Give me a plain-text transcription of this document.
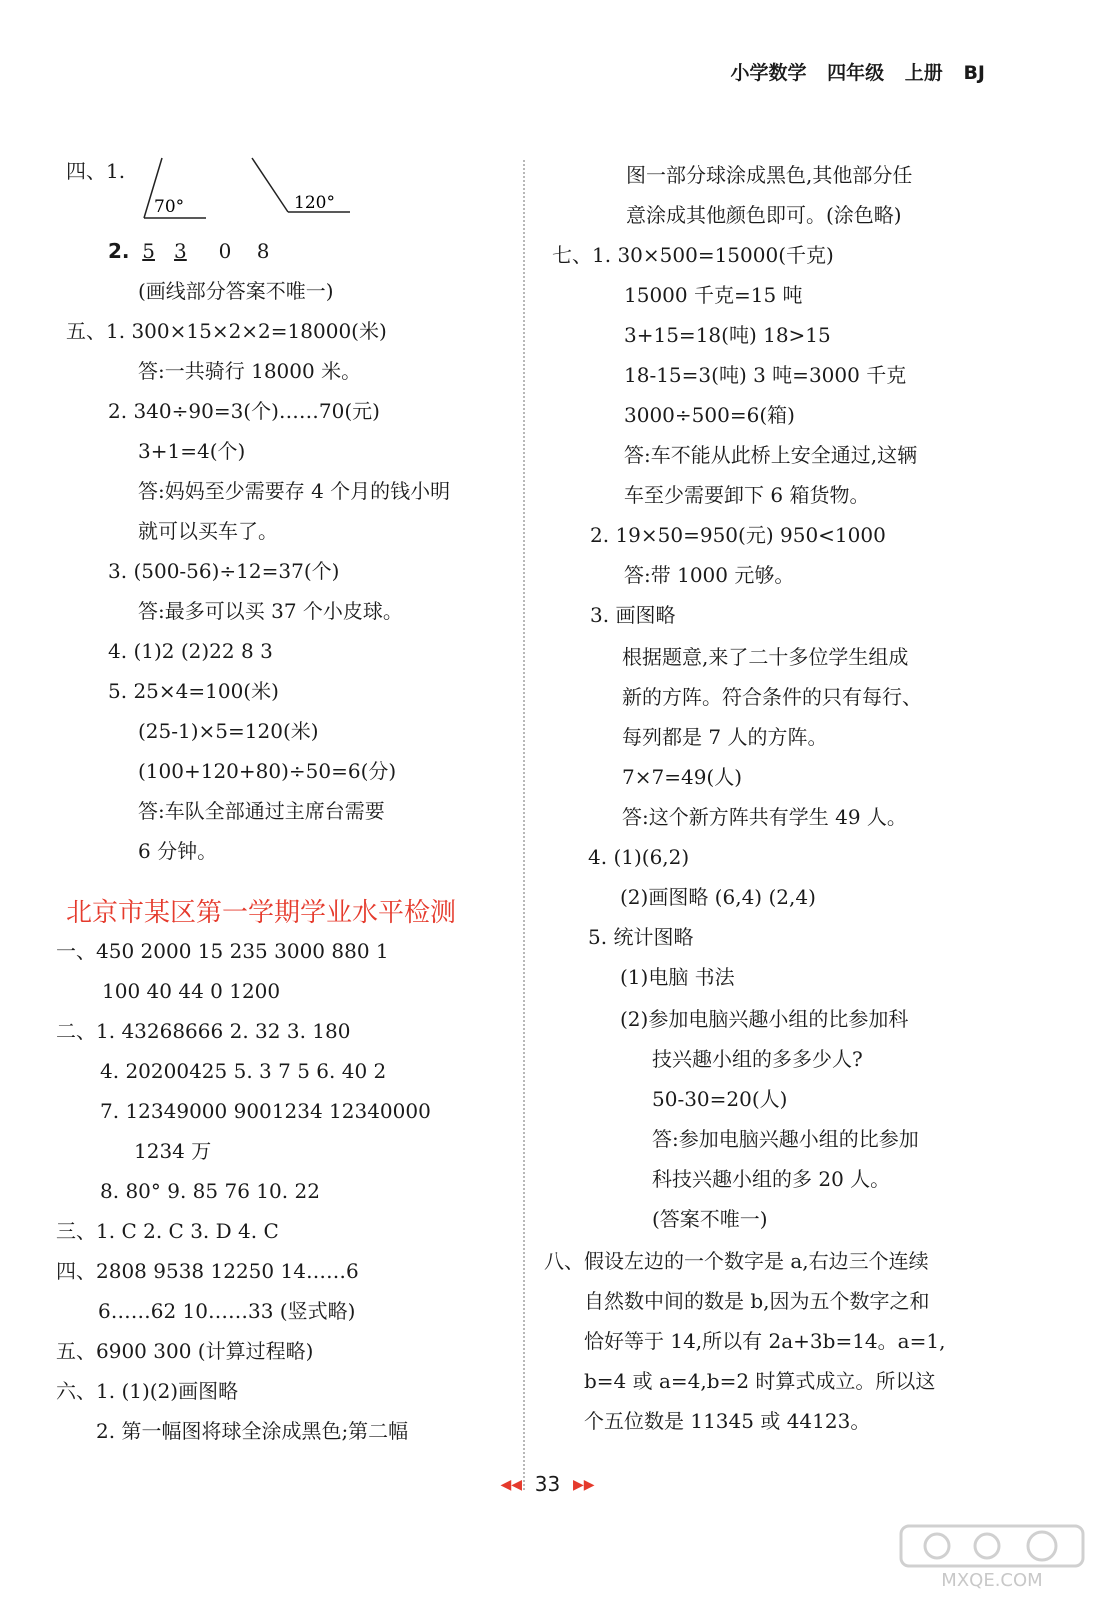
小学数学 四年级 上册 BJ
四、1.
70°	120°
2. 5 3 0 8
(画线部分答案不唯一)
五、1. 300×15×2×2=18000(米)
答:一共骑行 18000 米。
2. 340÷90=3(个)……70(元)
3+1=4(个)
答:妈妈至少需要存 4 个月的钱小明
就可以买车了。
3. (500-56)÷12=37(个)
答:最多可以买 37 个小皮球。
4. (1)2 (2)22 8 3
5. 25×4=100(米)
(25-1)×5=120(米)
(100+120+80)÷50=6(分)
答:车队全部通过主席台需要
6 分钟。
一、450 2000 15 235 3000 880 1
100 40 44 0 1200
二、1. 43268666 2. 32 3. 180
4. 20200425 5. 3 7 5 6. 40 2
7. 12349000 9001234 12340000
1234 万
8. 80° 9. 85 76 10. 22
三、1. C 2. C 3. D 4. C
四、2808 9538 12250 14……6
6……62 10……33 (竖式略)
五、6900 300 (计算过程略)
六、1. (1)(2)画图略
2. 第一幅图将球全涂成黑色;第二幅
北京市某区第一学期学业水平检测
图一部分球涂成黑色,其他部分任
意涂成其他颜色即可。(涂色略)
七、1. 30×500=15000(千克)
15000 千克=15 吨
3+15=18(吨) 18>15
18-15=3(吨) 3 吨=3000 千克
3000÷500=6(箱)
答:车不能从此桥上安全通过,这辆
车至少需要卸下 6 箱货物。
2. 19×50=950(元) 950<1000
答:带 1000 元够。
3. 画图略
根据题意,来了二十多位学生组成
新的方阵。符合条件的只有每行、
每列都是 7 人的方阵。
7×7=49(人)
答:这个新方阵共有学生 49 人。
4. (1)(6,2)
(2)画图略 (6,4) (2,4)
5. 统计图略
(1)电脑 书法
(2)参加电脑兴趣小组的比参加科
技兴趣小组的多多少人?
50-30=20(人)
答:参加电脑兴趣小组的比参加
科技兴趣小组的多 20 人。
(答案不唯一)
八、假设左边的一个数字是 a,右边三个连续
自然数中间的数是 b,因为五个数字之和
恰好等于 14,所以有 2a+3b=14。a=1,
b=4 或 a=4,b=2 时算式成立。所以这
个五位数是 11345 或 44123。
◀◀ 33 ▶▶
MXQE.COM
